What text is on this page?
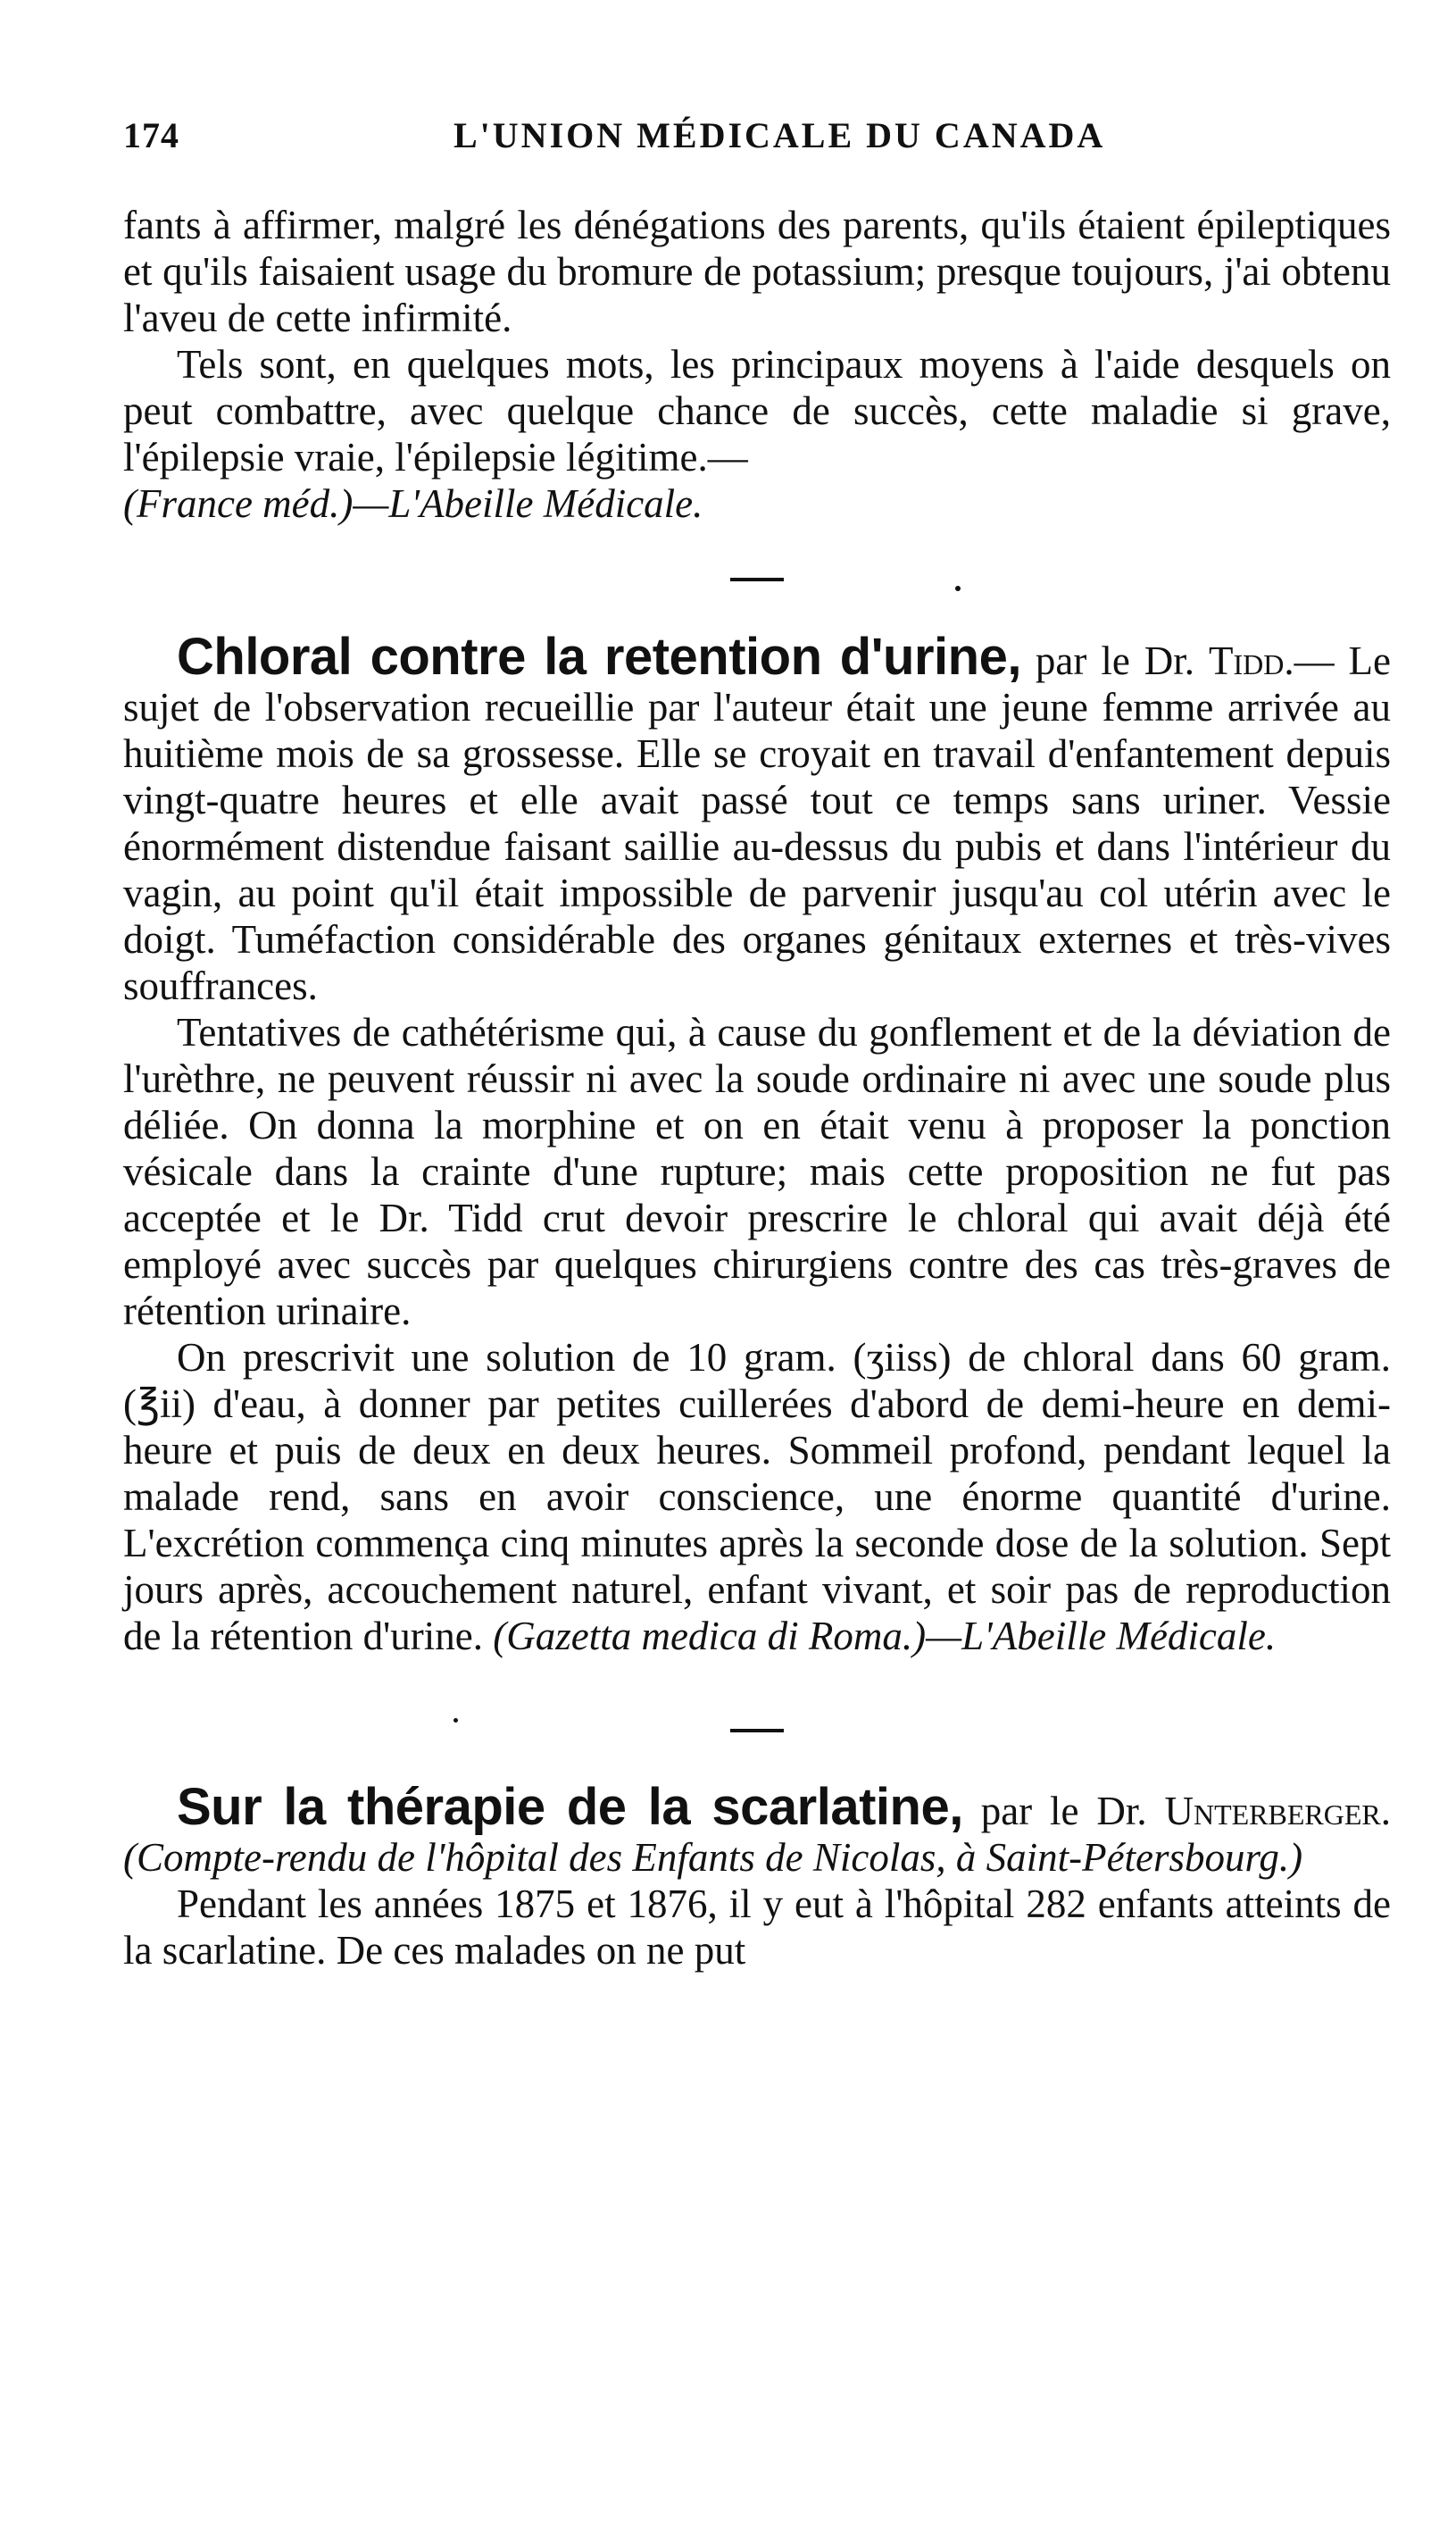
174	L'UNION MÉDICALE DU CANADA

fants à affirmer, malgré les dénégations des parents, qu'ils étaient épileptiques et qu'ils faisaient usage du bromure de potassium; presque toujours, j'ai obtenu l'aveu de cette infirmité.

Tels sont, en quelques mots, les principaux moyens à l'aide desquels on peut combattre, avec quelque chance de succès, cette maladie si grave, l'épilepsie vraie, l'épilepsie légitime.—
(France méd.)—L'Abeille Médicale.

Chloral contre la retention d'urine, par le Dr. Tidd.— Le sujet de l'observation recueillie par l'auteur était une jeune femme arrivée au huitième mois de sa grossesse. Elle se croyait en travail d'enfantement depuis vingt-quatre heures et elle avait passé tout ce temps sans uriner. Vessie énormément distendue faisant saillie au-dessus du pubis et dans l'intérieur du vagin, au point qu'il était impossible de parvenir jusqu'au col utérin avec le doigt. Tuméfaction considérable des organes génitaux externes et très-vives souffrances.

Tentatives de cathétérisme qui, à cause du gonflement et de la déviation de l'urèthre, ne peuvent réussir ni avec la soude ordinaire ni avec une soude plus déliée. On donna la morphine et on en était venu à proposer la ponction vésicale dans la crainte d'une rupture; mais cette proposition ne fut pas acceptée et le Dr. Tidd crut devoir prescrire le chloral qui avait déjà été employé avec succès par quelques chirurgiens contre des cas très-graves de rétention urinaire.

On prescrivit une solution de 10 gram. (ʒiiss) de chloral dans 60 gram. (℥ii) d'eau, à donner par petites cuillerées d'abord de demi-heure en demi-heure et puis de deux en deux heures. Sommeil profond, pendant lequel la malade rend, sans en avoir conscience, une énorme quantité d'urine. L'excrétion commença cinq minutes après la seconde dose de la solution. Sept jours après, accouchement naturel, enfant vivant, et soir pas de reproduction de la rétention d'urine. (Gazetta medica di Roma.)—L'Abeille Médicale.

Sur la thérapie de la scarlatine, par le Dr. Unterberger. (Compte-rendu de l'hôpital des Enfants de Nicolas, à Saint-Pétersbourg.)

Pendant les années 1875 et 1876, il y eut à l'hôpital 282 enfants atteints de la scarlatine. De ces malades on ne put
